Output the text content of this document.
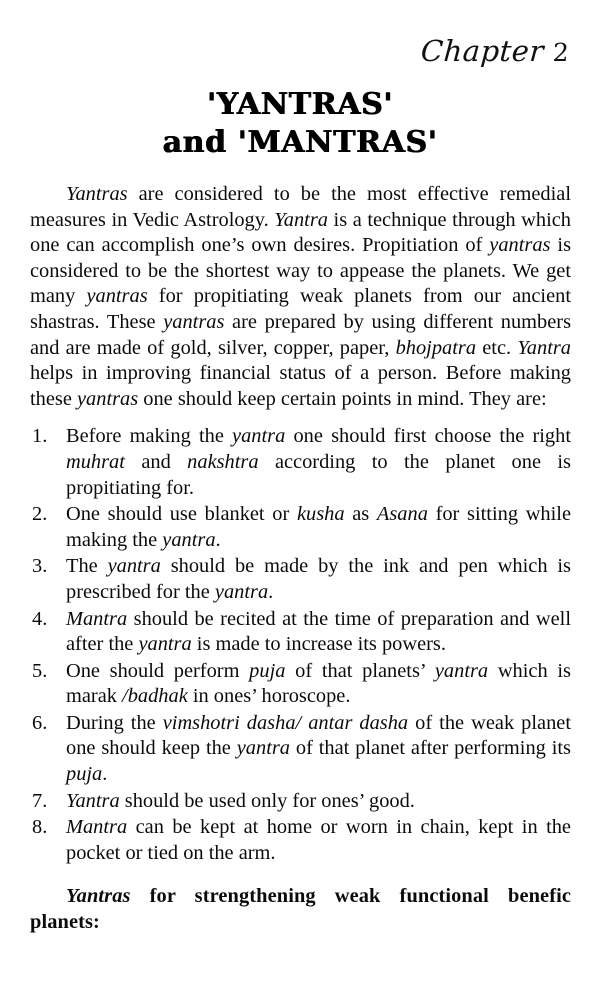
Chapter 2
'YANTRAS'
and 'MANTRAS'

Yantras are considered to be the most effective remedial measures in Vedic Astrology. Yantra is a technique through which one can accomplish one’s own desires. Propitiation of yantras is considered to be the shortest way to appease the planets. We get many yantras for propitiating weak planets from our ancient shastras. These yantras are prepared by using different numbers and are made of gold, silver, copper, paper, bhojpatra etc. Yantra helps in improving financial status of a person. Before making these yantras one should keep certain points in mind. They are:

1. Before making the yantra one should first choose the right muhrat and nakshtra according to the planet one is propitiating for.
2. One should use blanket or kusha as Asana for sitting while making the yantra.
3. The yantra should be made by the ink and pen which is prescribed for the yantra.
4. Mantra should be recited at the time of preparation and well after the yantra is made to increase its powers.
5. One should perform puja of that planets’ yantra which is marak /badhak in ones’ horoscope.
6. During the vimshotri dasha/ antar dasha of the weak planet one should keep the yantra of that planet after performing its puja.
7. Yantra should be used only for ones’ good.
8. Mantra can be kept at home or worn in chain, kept in the pocket or tied on the arm.

Yantras for strengthening weak functional benefic planets:
